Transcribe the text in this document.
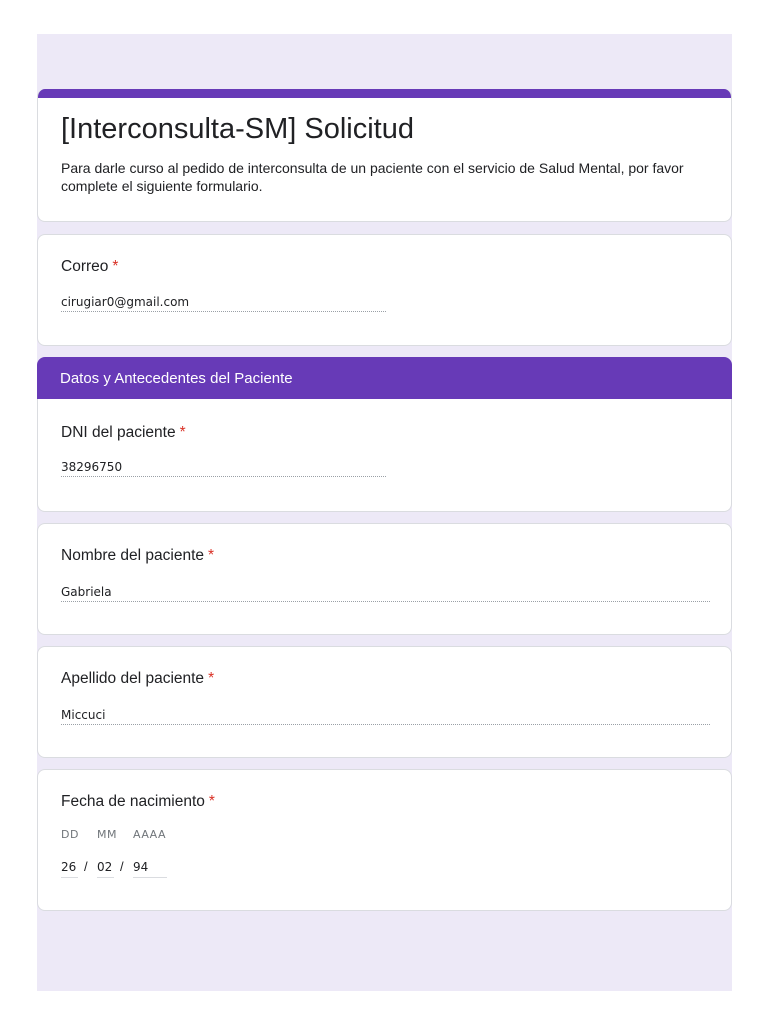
[Interconsulta-SM] Solicitud

Para darle curso al pedido de interconsulta de un paciente con el servicio de Salud Mental, por favor complete el siguiente formulario.

Correo *
cirugiar0@gmail.com
Datos y Antecedentes del Paciente
DNI del paciente *
38296750
Nombre del paciente *
Gabriela
Apellido del paciente *
Miccuci
Fecha de nacimiento *
DD MM AAAA
26 / 02 / 94
